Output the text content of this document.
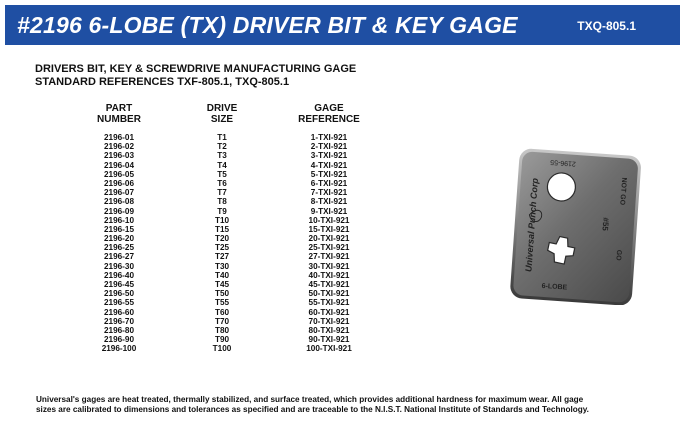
#2196 6-LOBE (TX) DRIVER BIT & KEY GAGE	TXQ-805.1
DRIVERS BIT, KEY & SCREWDRIVE MANUFACTURING GAGE
STANDARD REFERENCES TXF-805.1, TXQ-805.1
PART
NUMBER
DRIVE
SIZE
GAGE
REFERENCE
2196-01	T1	1-TXI-921
2196-02	T2	2-TXI-921
2196-03	T3	3-TXI-921
2196-04	T4	4-TXI-921
2196-05	T5	5-TXI-921
2196-06	T6	6-TXI-921
2196-07	T7	7-TXI-921
2196-08	T8	8-TXI-921
2196-09	T9	9-TXI-921
2196-10	T10	10-TXI-921
2196-15	T15	15-TXI-921
2196-20	T20	20-TXI-921
2196-25	T25	25-TXI-921
2196-27	T27	27-TXI-921
2196-30	T30	30-TXI-921
2196-40	T40	40-TXI-921
2196-45	T45	45-TXI-921
2196-50	T50	50-TXI-921
2196-55	T55	55-TXI-921
2196-60	T60	60-TXI-921
2196-70	T70	70-TXI-921
2196-80	T80	80-TXI-921
2196-90	T90	90-TXI-921
2196-100	T100	100-TXI-921
2196-55
6-LOBE
Universal Punch Corp	#55
NOT GO
GO
Universal's gages are heat treated, thermally stabilized, and surface treated, which provides additional hardness for maximum wear. All gage
sizes are calibrated to dimensions and tolerances as specified and are traceable to the N.I.S.T. National Institute of Standards and Technology.
